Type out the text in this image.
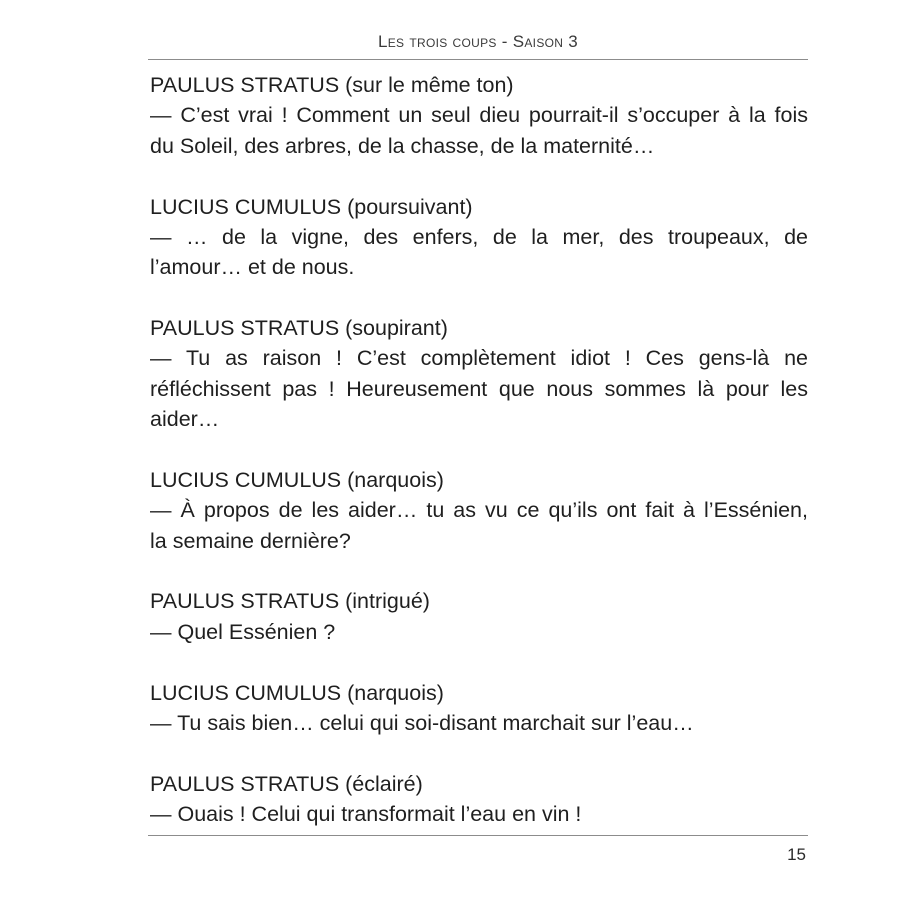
Les trois coups - Saison 3
PAULUS STRATUS (sur le même ton)
— C’est vrai ! Comment un seul dieu pourrait-il s’occuper à la fois
du Soleil, des arbres, de la chasse, de la maternité…
LUCIUS CUMULUS (poursuivant)
— … de la vigne, des enfers, de la mer, des troupeaux, de
l’amour… et de nous.
PAULUS STRATUS (soupirant)
— Tu as raison ! C’est complètement idiot ! Ces gens-là ne
réfléchissent pas ! Heureusement que nous sommes là pour les
aider…
LUCIUS CUMULUS (narquois)
— À propos de les aider… tu as vu ce qu’ils ont fait à l’Essénien,
la semaine dernière?
PAULUS STRATUS (intrigué)
— Quel Essénien ?
LUCIUS CUMULUS (narquois)
— Tu sais bien… celui qui soi-disant marchait sur l’eau…
PAULUS STRATUS (éclairé)
— Ouais ! Celui qui transformait l’eau en vin !
15
